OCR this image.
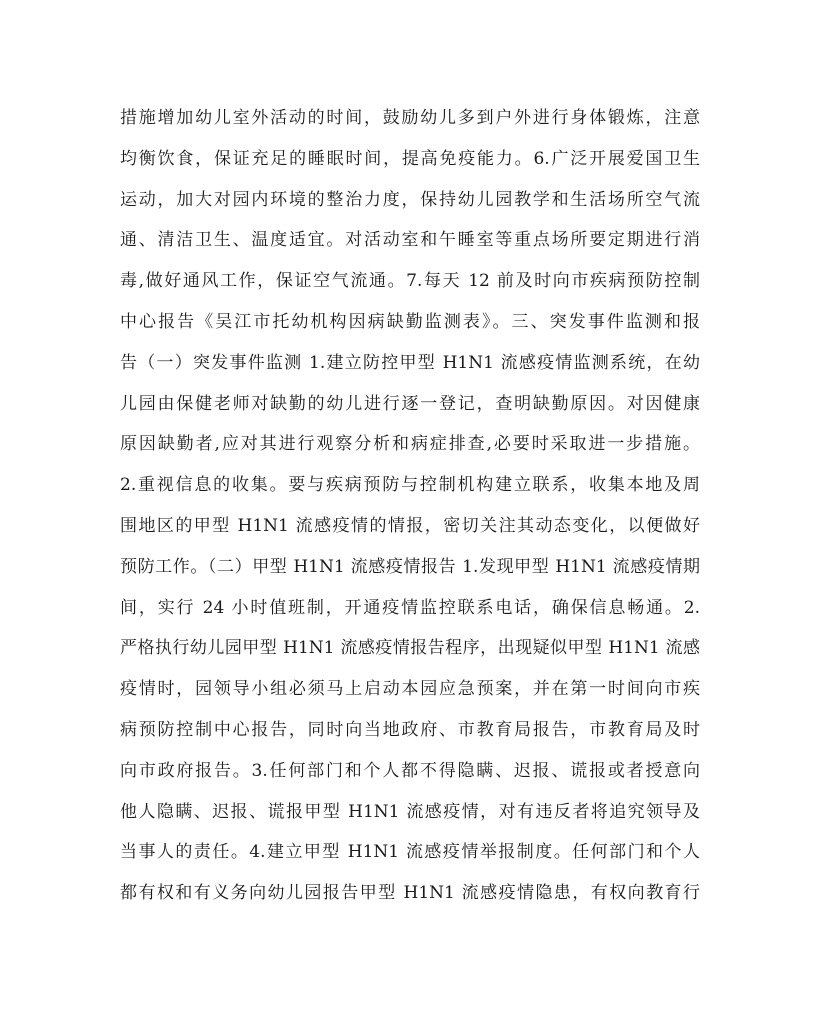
措施增加幼儿室外活动的时间，鼓励幼儿多到户外进行身体锻炼，注意
均衡饮食，保证充足的睡眠时间，提高免疫能力。6.广泛开展爱国卫生
运动，加大对园内环境的整治力度，保持幼儿园教学和生活场所空气流
通、清洁卫生、温度适宜。对活动室和午睡室等重点场所要定期进行消
毒,做好通风工作，保证空气流通。7.每天 12 前及时向市疾病预防控制
中心报告《吴江市托幼机构因病缺勤监测表》。三、突发事件监测和报
告（一）突发事件监测 1.建立防控甲型 H1N1 流感疫情监测系统，在幼
儿园由保健老师对缺勤的幼儿进行逐一登记，查明缺勤原因。对因健康
原因缺勤者,应对其进行观察分析和病症排查,必要时采取进一步措施。
2.重视信息的收集。要与疾病预防与控制机构建立联系，收集本地及周
围地区的甲型 H1N1 流感疫情的情报，密切关注其动态变化，以便做好
预防工作。（二）甲型 H1N1 流感疫情报告 1.发现甲型 H1N1 流感疫情期
间，实行 24 小时值班制，开通疫情监控联系电话，确保信息畅通。2.
严格执行幼儿园甲型 H1N1 流感疫情报告程序，出现疑似甲型 H1N1 流感
疫情时，园领导小组必须马上启动本园应急预案，并在第一时间向市疾
病预防控制中心报告，同时向当地政府、市教育局报告，市教育局及时
向市政府报告。3.任何部门和个人都不得隐瞒、迟报、谎报或者授意向
他人隐瞒、迟报、谎报甲型 H1N1 流感疫情，对有违反者将追究领导及
当事人的责任。4.建立甲型 H1N1 流感疫情举报制度。任何部门和个人
都有权和有义务向幼儿园报告甲型 H1N1 流感疫情隐患，有权向教育行
